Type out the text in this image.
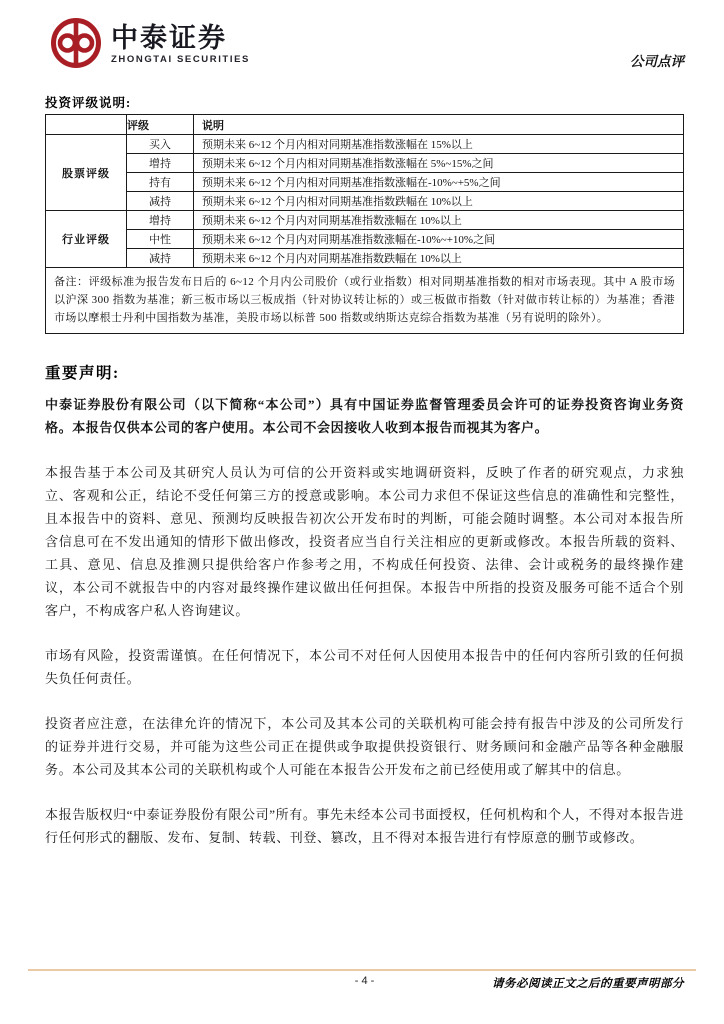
中泰证券
ZHONGTAI SECURITIES	公司点评
投资评级说明:
	评级	说明
股票评级	买入	预期未来 6~12 个月内相对同期基准指数涨幅在 15%以上
	增持	预期未来 6~12 个月内相对同期基准指数涨幅在 5%~15%之间
	持有	预期未来 6~12 个月内相对同期基准指数涨幅在-10%~+5%之间
	减持	预期未来 6~12 个月内相对同期基准指数跌幅在 10%以上
行业评级	增持	预期未来 6~12 个月内对同期基准指数涨幅在 10%以上
	中性	预期未来 6~12 个月内对同期基准指数涨幅在-10%~+10%之间
	减持	预期未来 6~12 个月内对同期基准指数跌幅在 10%以上
备注：评级标准为报告发布日后的 6~12 个月内公司股价（或行业指数）相对同期基准指数的相对市场表现。其中 A 股市场以沪深 300 指数为基准；新三板市场以三板成指（针对协议转让标的）或三板做市指数（针对做市转让标的）为基准；香港市场以摩根士丹利中国指数为基准，美股市场以标普 500 指数或纳斯达克综合指数为基准（另有说明的除外）。		
重要声明:

中泰证券股份有限公司（以下简称“本公司”）具有中国证券监督管理委员会许可的证券投资咨询业务资格。本报告仅供本公司的客户使用。本公司不会因接收人收到本报告而视其为客户。

本报告基于本公司及其研究人员认为可信的公开资料或实地调研资料，反映了作者的研究观点，力求独立、客观和公正，结论不受任何第三方的授意或影响。本公司力求但不保证这些信息的准确性和完整性，且本报告中的资料、意见、预测均反映报告初次公开发布时的判断，可能会随时调整。本公司对本报告所含信息可在不发出通知的情形下做出修改，投资者应当自行关注相应的更新或修改。本报告所载的资料、工具、意见、信息及推测只提供给客户作参考之用，不构成任何投资、法律、会计或税务的最终操作建议，本公司不就报告中的内容对最终操作建议做出任何担保。本报告中所指的投资及服务可能不适合个别客户，不构成客户私人咨询建议。

市场有风险，投资需谨慎。在任何情况下，本公司不对任何人因使用本报告中的任何内容所引致的任何损失负任何责任。

投资者应注意，在法律允许的情况下，本公司及其本公司的关联机构可能会持有报告中涉及的公司所发行的证券并进行交易，并可能为这些公司正在提供或争取提供投资银行、财务顾问和金融产品等各种金融服务。本公司及其本公司的关联机构或个人可能在本报告公开发布之前已经使用或了解其中的信息。

本报告版权归“中泰证券股份有限公司”所有。事先未经本公司书面授权，任何机构和个人，不得对本报告进行任何形式的翻版、发布、复制、转载、刊登、篡改，且不得对本报告进行有悖原意的删节或修改。

- 4 -	请务必阅读正文之后的重要声明部分
